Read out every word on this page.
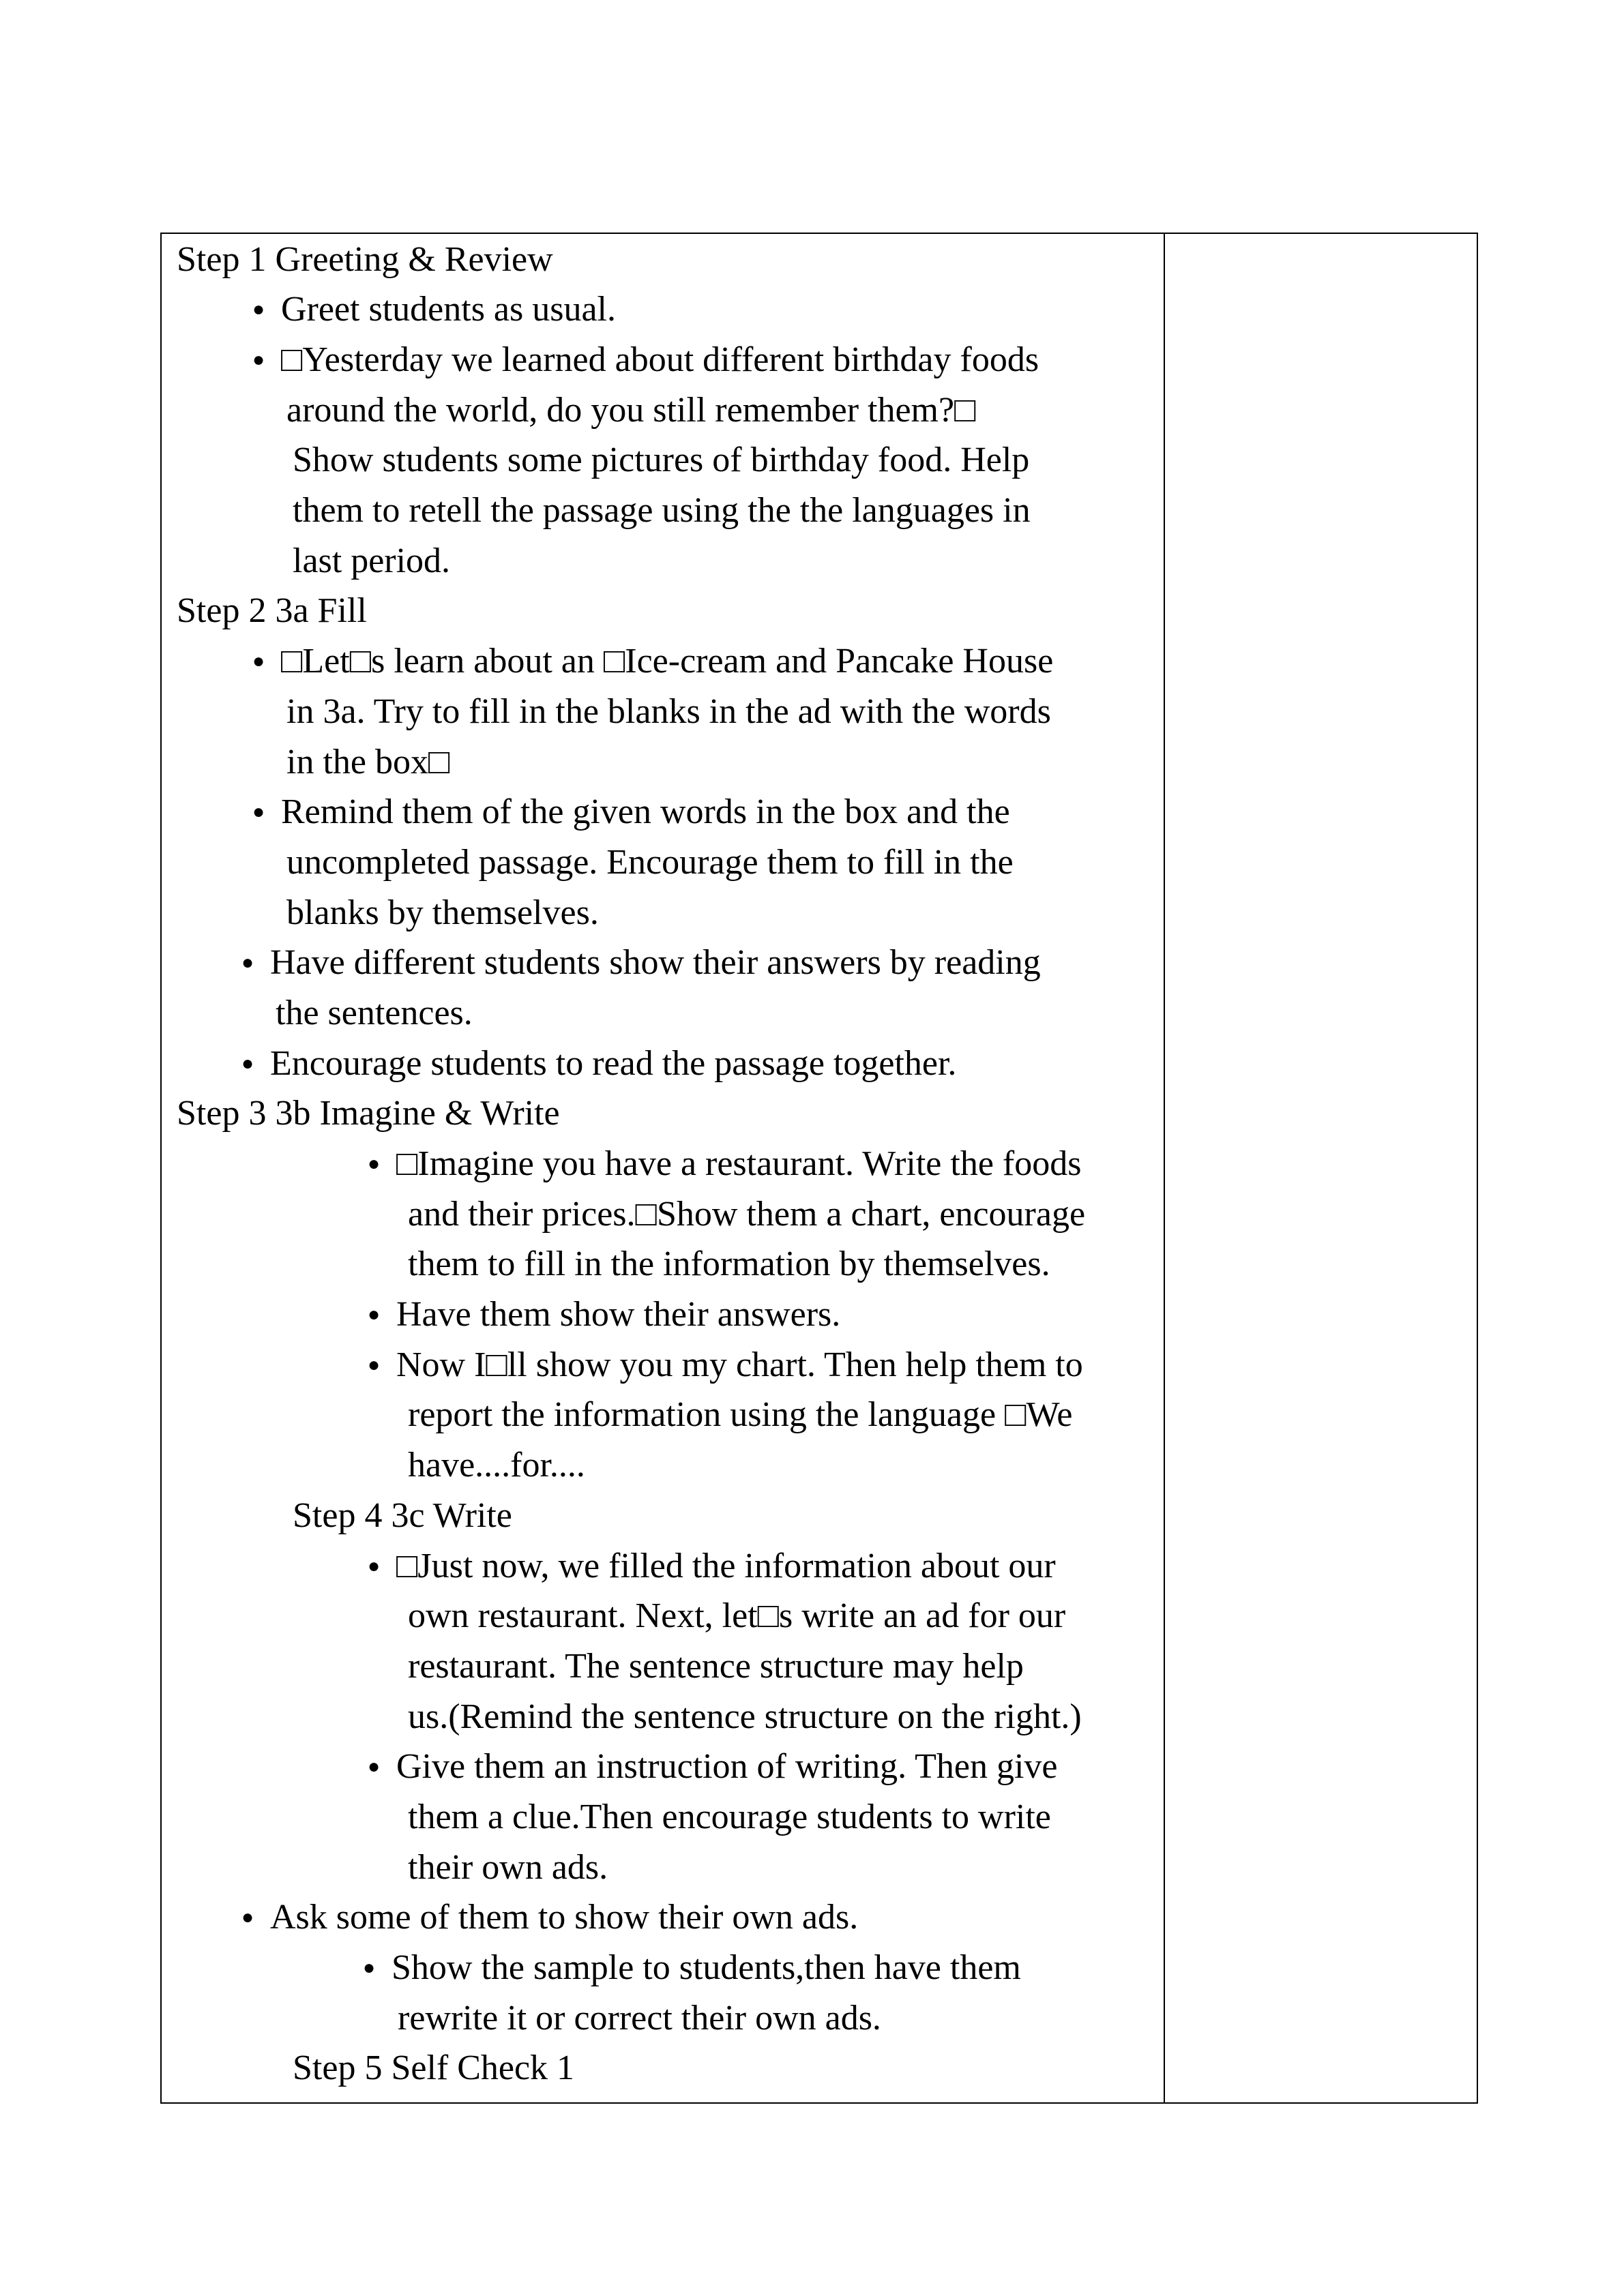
Step 1 Greeting & Review
● Greet students as usual.
● □Yesterday we learned about different birthday foods
around the world, do you still remember them?□
Show students some pictures of birthday food. Help
them to retell the passage using the the languages in
last period.
Step 2 3a Fill
● □Let□s learn about an □Ice-cream and Pancake House
in 3a. Try to fill in the blanks in the ad with the words
in the box□
● Remind them of the given words in the box and the
uncompleted passage. Encourage them to fill in the
blanks by themselves.
● Have different students show their answers by reading
the sentences.
● Encourage students to read the passage together.
Step 3 3b Imagine & Write
● □Imagine you have a restaurant. Write the foods
and their prices.□Show them a chart, encourage
them to fill in the information by themselves.
● Have them show their answers.
● Now I□ll show you my chart. Then help them to
report the information using the language □We
have....for....
Step 4 3c Write
● □Just now, we filled the information about our
own restaurant. Next, let□s write an ad for our
restaurant. The sentence structure may help
us.(Remind the sentence structure on the right.)
● Give them an instruction of writing. Then give
them a clue.Then encourage students to write
their own ads.
● Ask some of them to show their own ads.
● Show the sample to students,then have them
rewrite it or correct their own ads.
Step 5 Self Check 1
